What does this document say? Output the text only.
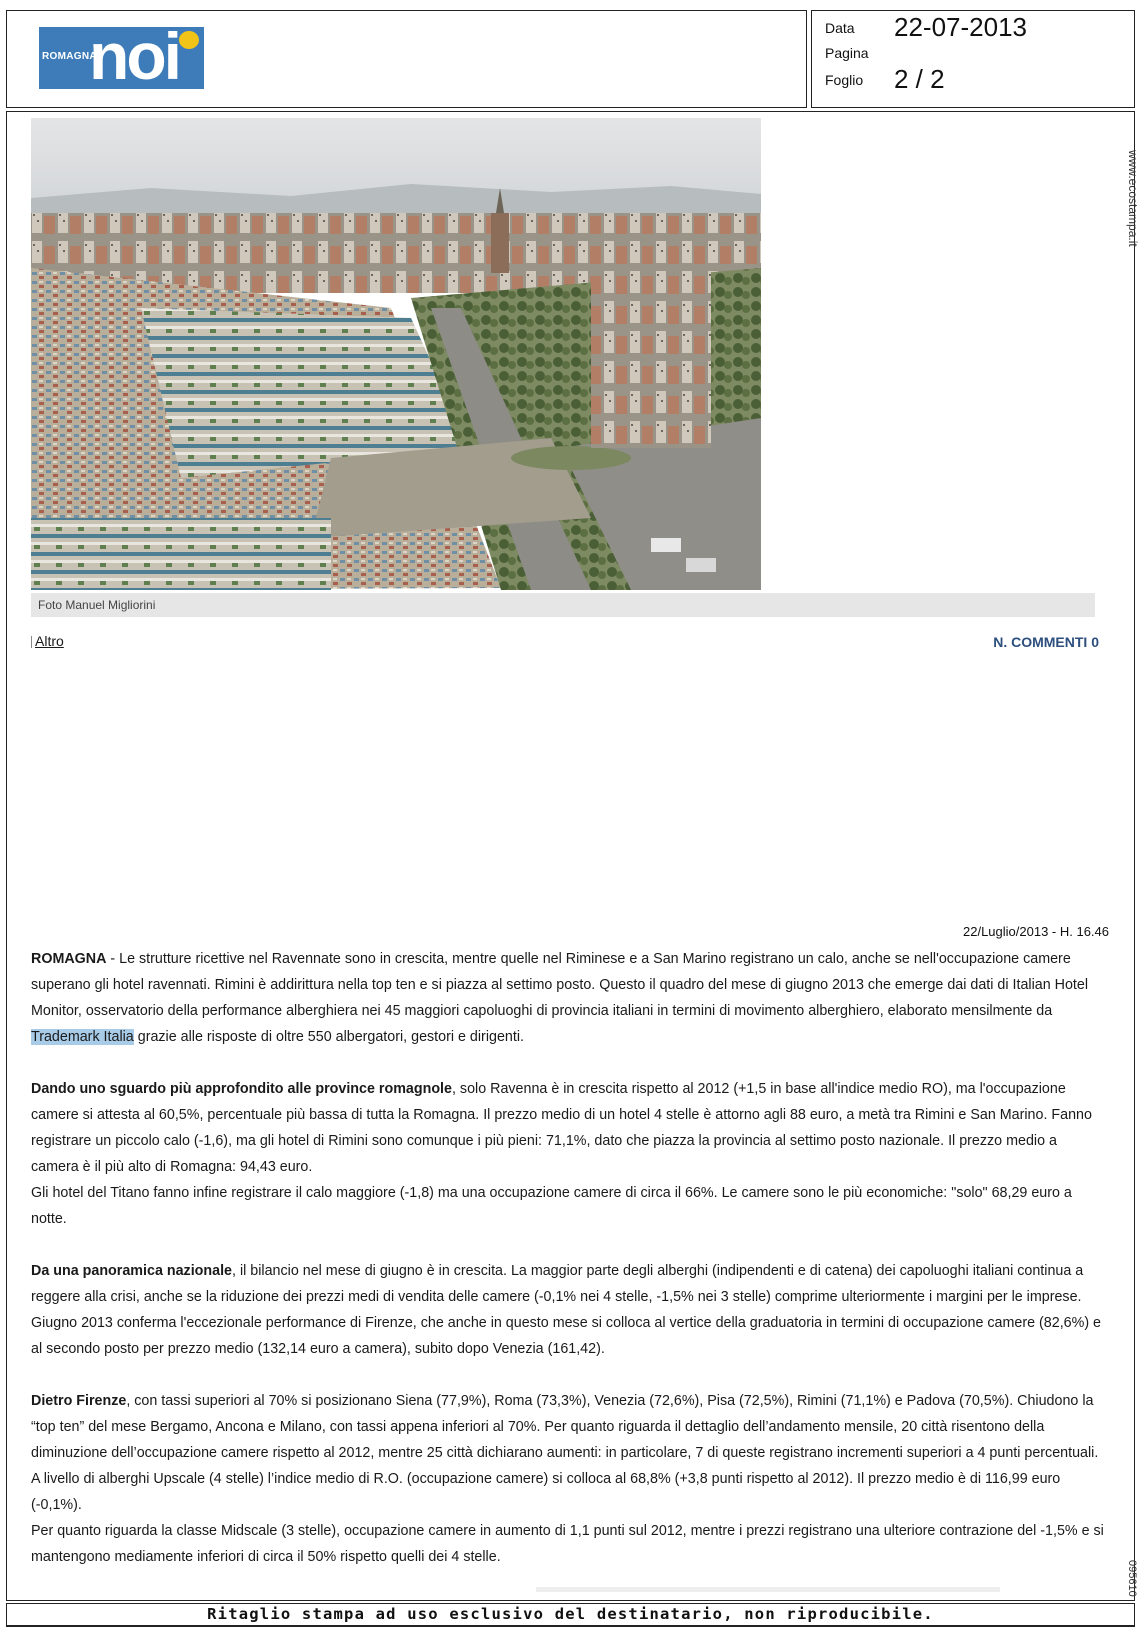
ROMAGNA
noi	Data 22-07-2013
Pagina
Foglio 2 / 2
Foto Manuel Migliorini
Altro	N. COMMENTI 0
22/Luglio/2013 - H. 16.46

ROMAGNA - Le strutture ricettive nel Ravennate sono in crescita, mentre quelle nel Riminese e a San Marino registrano un calo, anche se nell'occupazione camere superano gli hotel ravennati. Rimini è addirittura nella top ten e si piazza al settimo posto. Questo il quadro del mese di giugno 2013 che emerge dai dati di Italian Hotel Monitor, osservatorio della performance alberghiera nei 45 maggiori capoluoghi di provincia italiani in termini di movimento alberghiero, elaborato mensilmente da Trademark Italia grazie alle risposte di oltre 550 albergatori, gestori e dirigenti.

Dando uno sguardo più approfondito alle province romagnole, solo Ravenna è in crescita rispetto al 2012 (+1,5 in base all'indice medio RO), ma l'occupazione camere si attesta al 60,5%, percentuale più bassa di tutta la Romagna. Il prezzo medio di un hotel 4 stelle è attorno agli 88 euro, a metà tra Rimini e San Marino. Fanno registrare un piccolo calo (-1,6), ma gli hotel di Rimini sono comunque i più pieni: 71,1%, dato che piazza la provincia al settimo posto nazionale. Il prezzo medio a camera è il più alto di Romagna: 94,43 euro.
Gli hotel del Titano fanno infine registrare il calo maggiore (-1,8) ma una occupazione camere di circa il 66%. Le camere sono le più economiche: "solo" 68,29 euro a notte.

Da una panoramica nazionale, il bilancio nel mese di giugno è in crescita. La maggior parte degli alberghi (indipendenti e di catena) dei capoluoghi italiani continua a reggere alla crisi, anche se la riduzione dei prezzi medi di vendita delle camere (-0,1% nei 4 stelle, -1,5% nei 3 stelle) comprime ulteriormente i margini per le imprese. Giugno 2013 conferma l'eccezionale performance di Firenze, che anche in questo mese si colloca al vertice della graduatoria in termini di occupazione camere (82,6%) e al secondo posto per prezzo medio (132,14 euro a camera), subito dopo Venezia (161,42).

Dietro Firenze, con tassi superiori al 70% si posizionano Siena (77,9%), Roma (73,3%), Venezia (72,6%), Pisa (72,5%), Rimini (71,1%) e Padova (70,5%). Chiudono la “top ten” del mese Bergamo, Ancona e Milano, con tassi appena inferiori al 70%. Per quanto riguarda il dettaglio dell’andamento mensile, 20 città risentono della diminuzione dell’occupazione camere rispetto al 2012, mentre 25 città dichiarano aumenti: in particolare, 7 di queste registrano incrementi superiori a 4 punti percentuali. A livello di alberghi Upscale (4 stelle) l’indice medio di R.O. (occupazione camere) si colloca al 68,8% (+3,8 punti rispetto al 2012). Il prezzo medio è di 116,99 euro (-0,1%).
Per quanto riguarda la classe Midscale (3 stelle), occupazione camere in aumento di 1,1 punti sul 2012, mentre i prezzi registrano una ulteriore contrazione del -1,5% e si mantengono mediamente inferiori di circa il 50% rispetto quelli dei 4 stelle.

Ritaglio stampa ad uso esclusivo del destinatario, non riproducibile.
www.ecostampa.it
095610
